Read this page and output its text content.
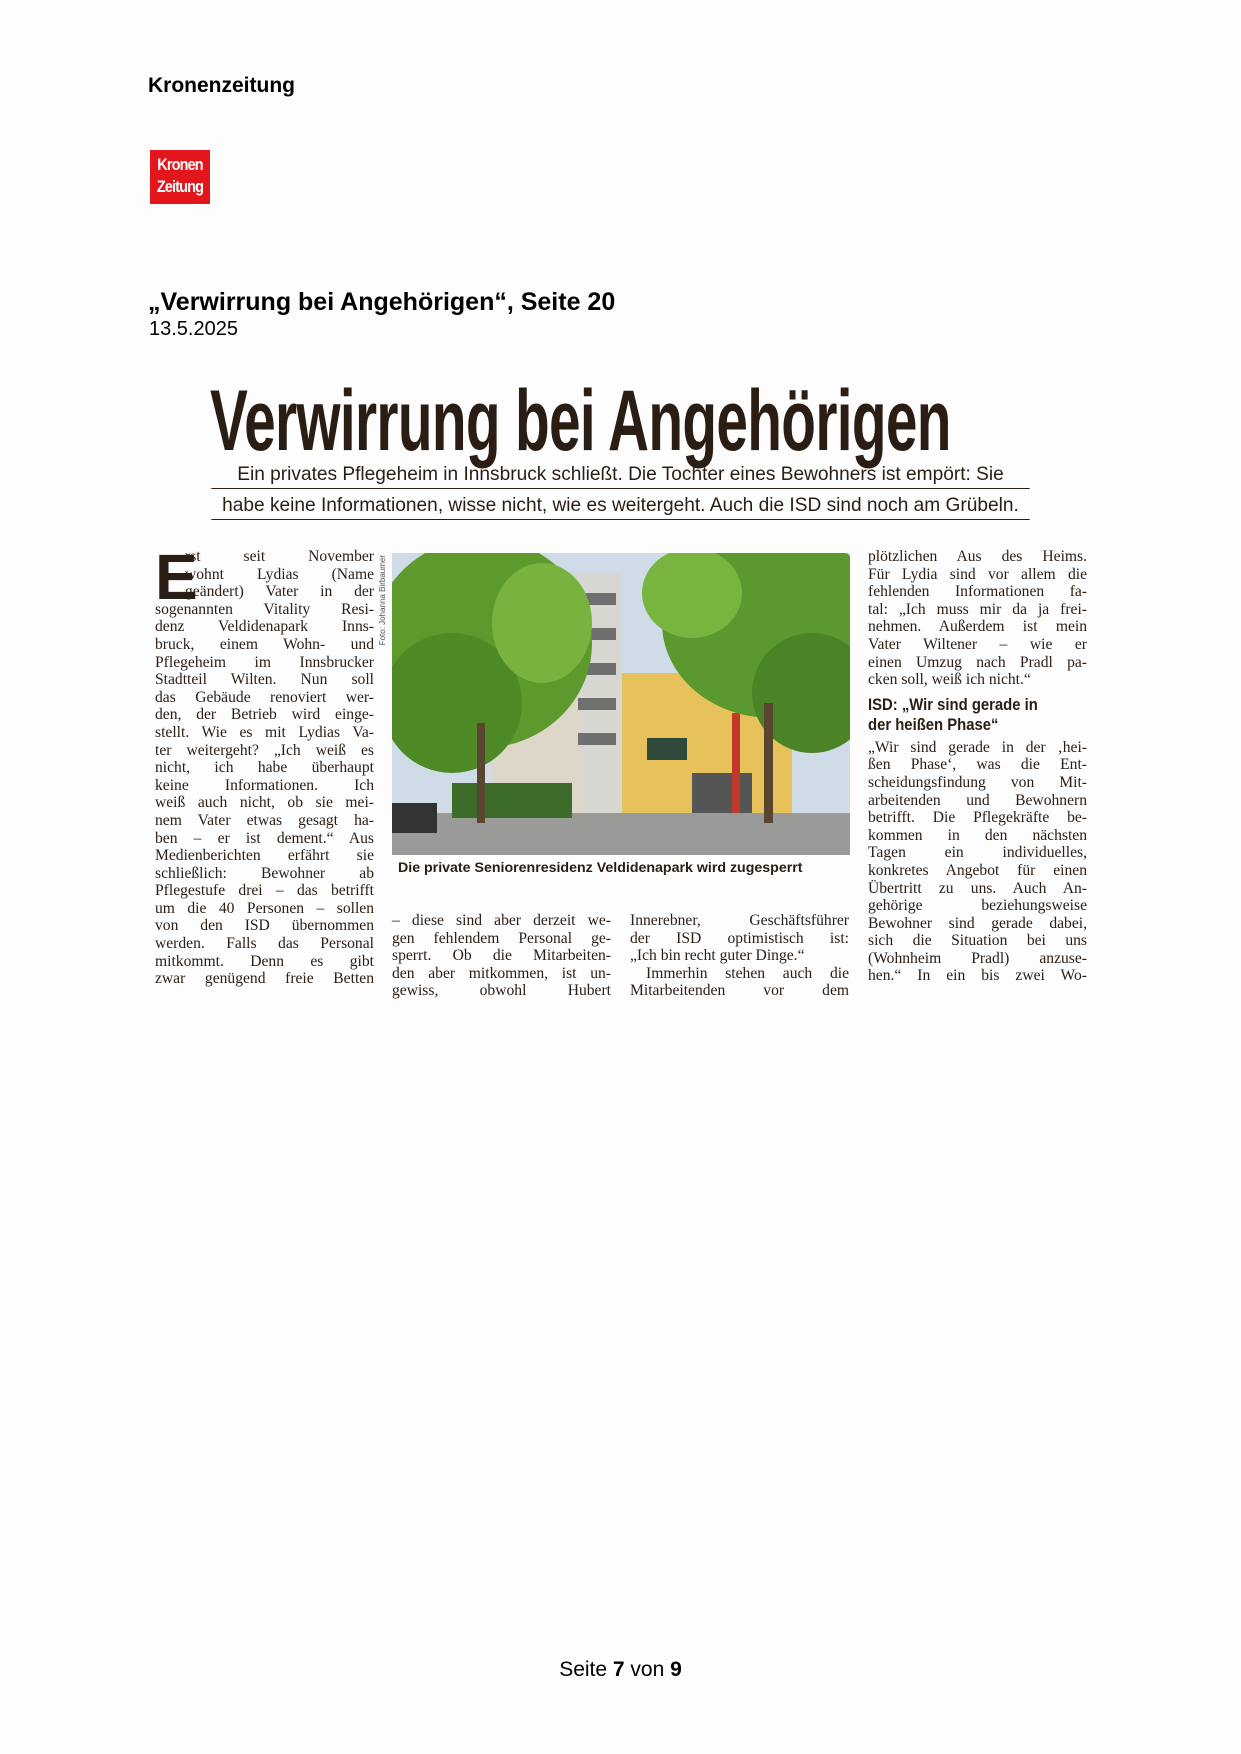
Kronenzeitung
Kronen
Zeitung
„Verwirrung bei Angehörigen“, Seite 20
13.5.2025
Verwirrung bei Angehörigen
Ein privates Pflegeheim in Innsbruck schließt. Die Tochter eines Bewohners ist empört: Sie
habe keine Informationen, wisse nicht, wie es weitergeht. Auch die ISD sind noch am Grübeln.
E
rst seit November
wohnt Lydias (Name
geändert) Vater in der
sogenannten Vitality Resi-
denz Veldidenapark Inns-
bruck, einem Wohn- und
Pflegeheim im Innsbrucker
Stadtteil Wilten. Nun soll
das Gebäude renoviert wer-
den, der Betrieb wird einge-
stellt. Wie es mit Lydias Va-
ter weitergeht? „Ich weiß es
nicht, ich habe überhaupt
keine Informationen. Ich
weiß auch nicht, ob sie mei-
nem Vater etwas gesagt ha-
ben – er ist dement.“ Aus
Medienberichten erfährt sie
schließlich: Bewohner ab
Pflegestufe drei – das betrifft
um die 40 Personen – sollen
von den ISD übernommen
werden. Falls das Personal
mitkommt. Denn es gibt
zwar genügend freie Betten
Foto: Johanna Birbaumer
Die private Seniorenresidenz Veldidenapark wird zugesperrt
– diese sind aber derzeit we-
gen fehlendem Personal ge-
sperrt. Ob die Mitarbeiten-
den aber mitkommen, ist un-
gewiss, obwohl Hubert
Innerebner, Geschäftsführer
der ISD optimistisch ist:
„Ich bin recht guter Dinge.“
Immerhin stehen auch die
Mitarbeitenden vor dem
plötzlichen Aus des Heims.
Für Lydia sind vor allem die
fehlenden Informationen fa-
tal: „Ich muss mir da ja frei-
nehmen. Außerdem ist mein
Vater Wiltener – wie er
einen Umzug nach Pradl pa-
cken soll, weiß ich nicht.“
ISD: „Wir sind gerade in
der heißen Phase“
„Wir sind gerade in der ‚hei-
ßen Phase‘, was die Ent-
scheidungsfindung von Mit-
arbeitenden und Bewohnern
betrifft. Die Pflegekräfte be-
kommen in den nächsten
Tagen ein individuelles,
konkretes Angebot für einen
Übertritt zu uns. Auch An-
gehörige beziehungsweise
Bewohner sind gerade dabei,
sich die Situation bei uns
(Wohnheim Pradl) anzuse-
hen.“ In ein bis zwei Wo-
Seite 7 von 9
